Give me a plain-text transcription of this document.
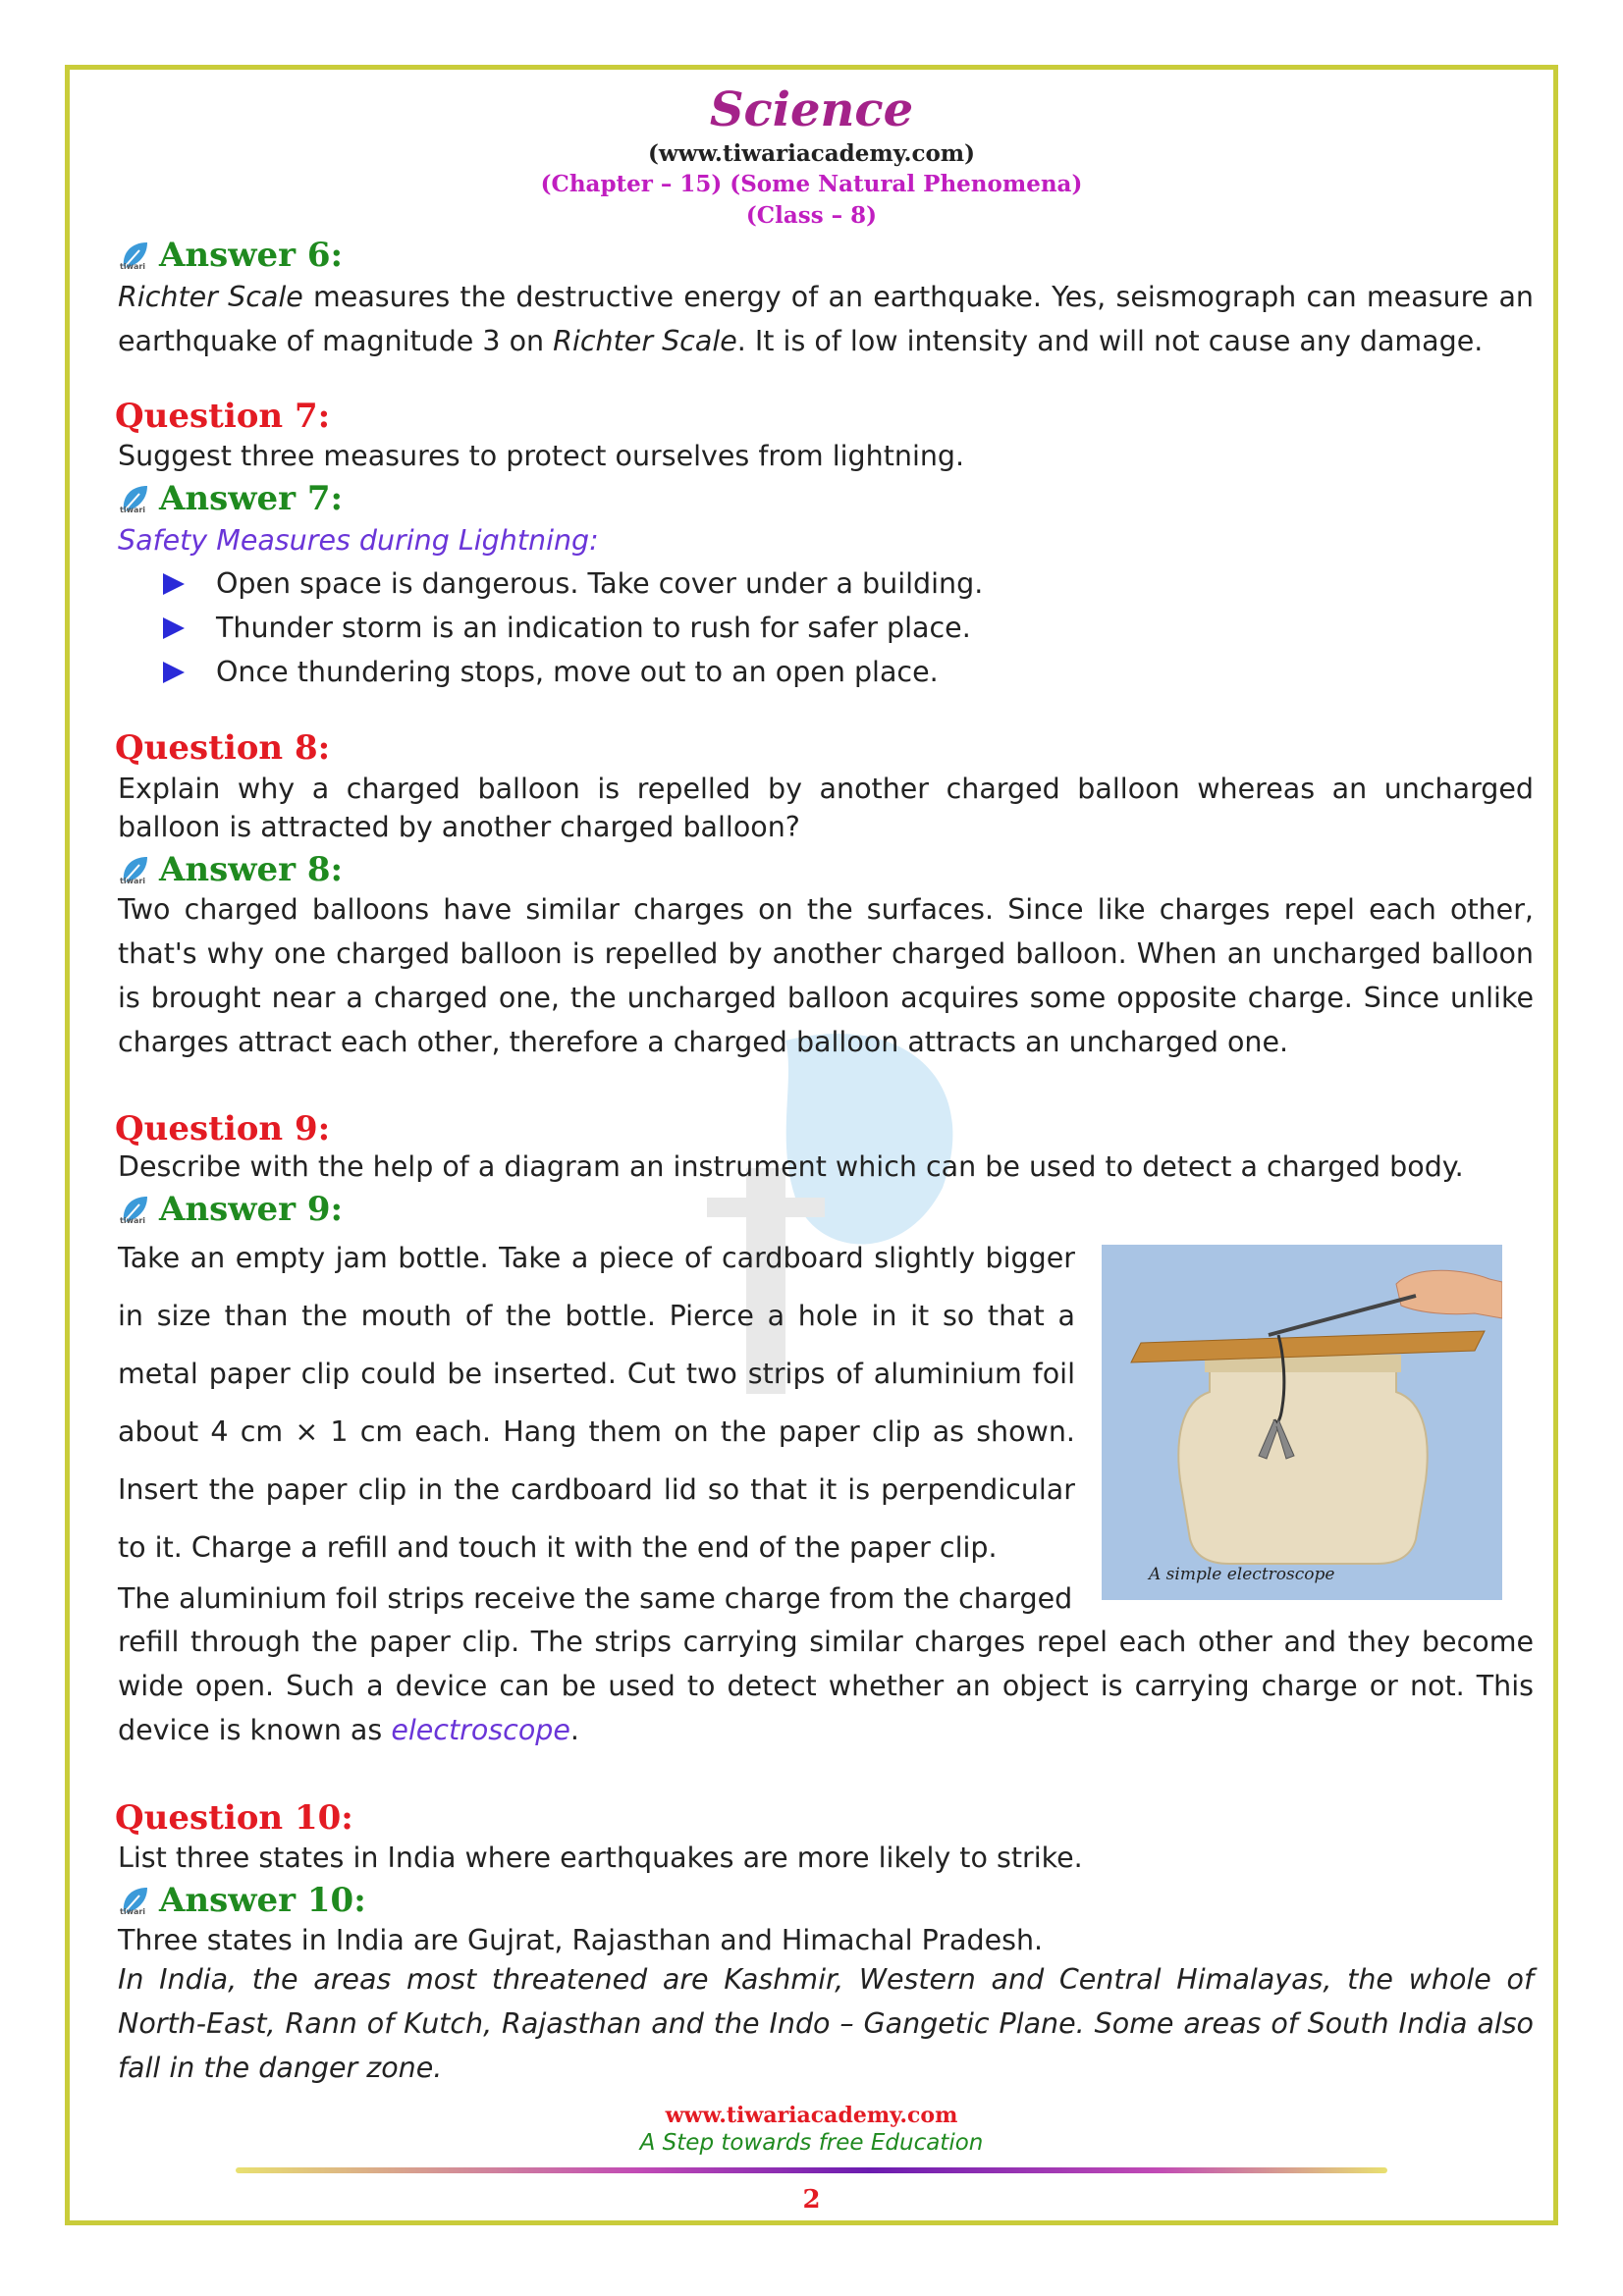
Science
(www.tiwariacademy.com)
(Chapter – 15) (Some Natural Phenomena)
(Class – 8)
tiwari Answer 6:
Richter Scale measures the destructive energy of an earthquake. Yes, seismograph can measure an earthquake of magnitude 3 on Richter Scale. It is of low intensity and will not cause any damage.
Question 7:
Suggest three measures to protect ourselves from lightning.
tiwari Answer 7:
Safety Measures during Lightning:
Open space is dangerous. Take cover under a building.
Thunder storm is an indication to rush for safer place.
Once thundering stops, move out to an open place.
Question 8:
Explain why a charged balloon is repelled by another charged balloon whereas an uncharged balloon is attracted by another charged balloon?
tiwari Answer 8:
Two charged balloons have similar charges on the surfaces. Since like charges repel each other, that's why one charged balloon is repelled by another charged balloon. When an uncharged balloon is brought near a charged one, the uncharged balloon acquires some opposite charge. Since unlike charges attract each other, therefore a charged balloon attracts an uncharged one.
Question 9:
Describe with the help of a diagram an instrument which can be used to detect a charged body.
tiwari Answer 9:
Take an empty jam bottle. Take a piece of cardboard slightly bigger in size than the mouth of the bottle. Pierce a hole in it so that a metal paper clip could be inserted. Cut two strips of aluminium foil about 4 cm × 1 cm each. Hang them on the paper clip as shown. Insert the paper clip in the cardboard lid so that it is perpendicular to it. Charge a refill and touch it with the end of the paper clip.
The aluminium foil strips receive the same charge from the charged
refill through the paper clip. The strips carrying similar charges repel each other and they become wide open. Such a device can be used to detect whether an object is carrying charge or not. This device is known as electroscope.
A simple electroscope
Question 10:
List three states in India where earthquakes are more likely to strike.
tiwari Answer 10:
Three states in India are Gujrat, Rajasthan and Himachal Pradesh.
In India, the areas most threatened are Kashmir, Western and Central Himalayas, the whole of North-East, Rann of Kutch, Rajasthan and the Indo – Gangetic Plane. Some areas of South India also fall in the danger zone.
www.tiwariacademy.com
A Step towards free Education
2
